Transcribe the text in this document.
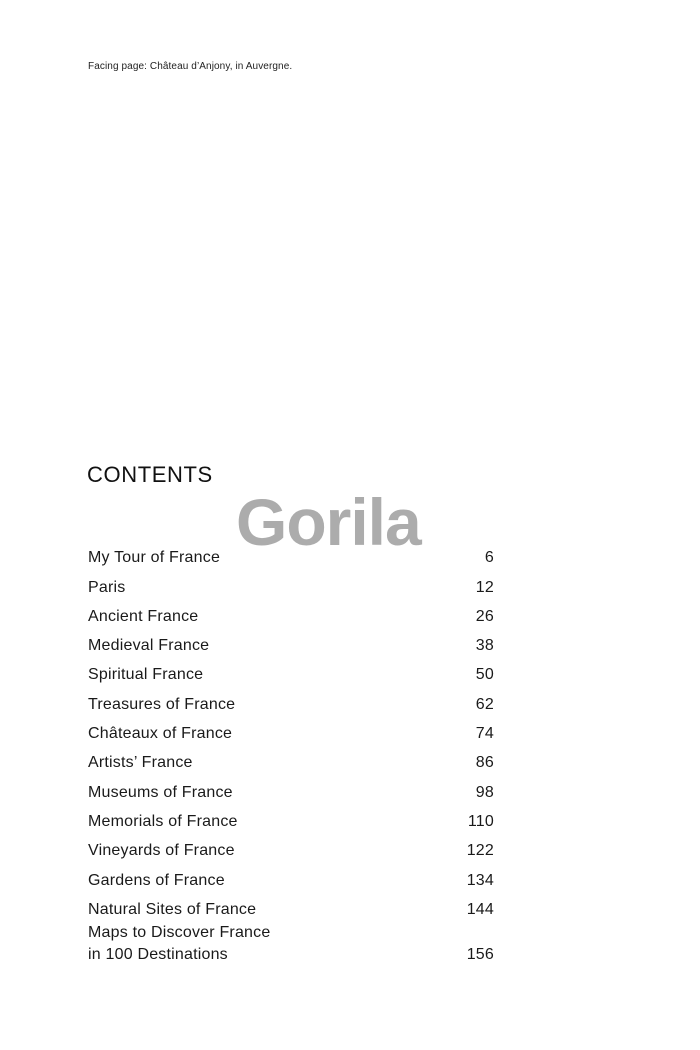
Facing page: Château d’Anjony, in Auvergne.
CONTENTS
Gorila
My Tour of France	6
Paris	12
Ancient France	26
Medieval France	38
Spiritual France	50
Treasures of France	62
Châteaux of France	74
Artists’ France	86
Museums of France	98
Memorials of France	110
Vineyards of France	122
Gardens of France	134
Natural Sites of France	144
Maps to Discover France
in 100 Destinations	156
